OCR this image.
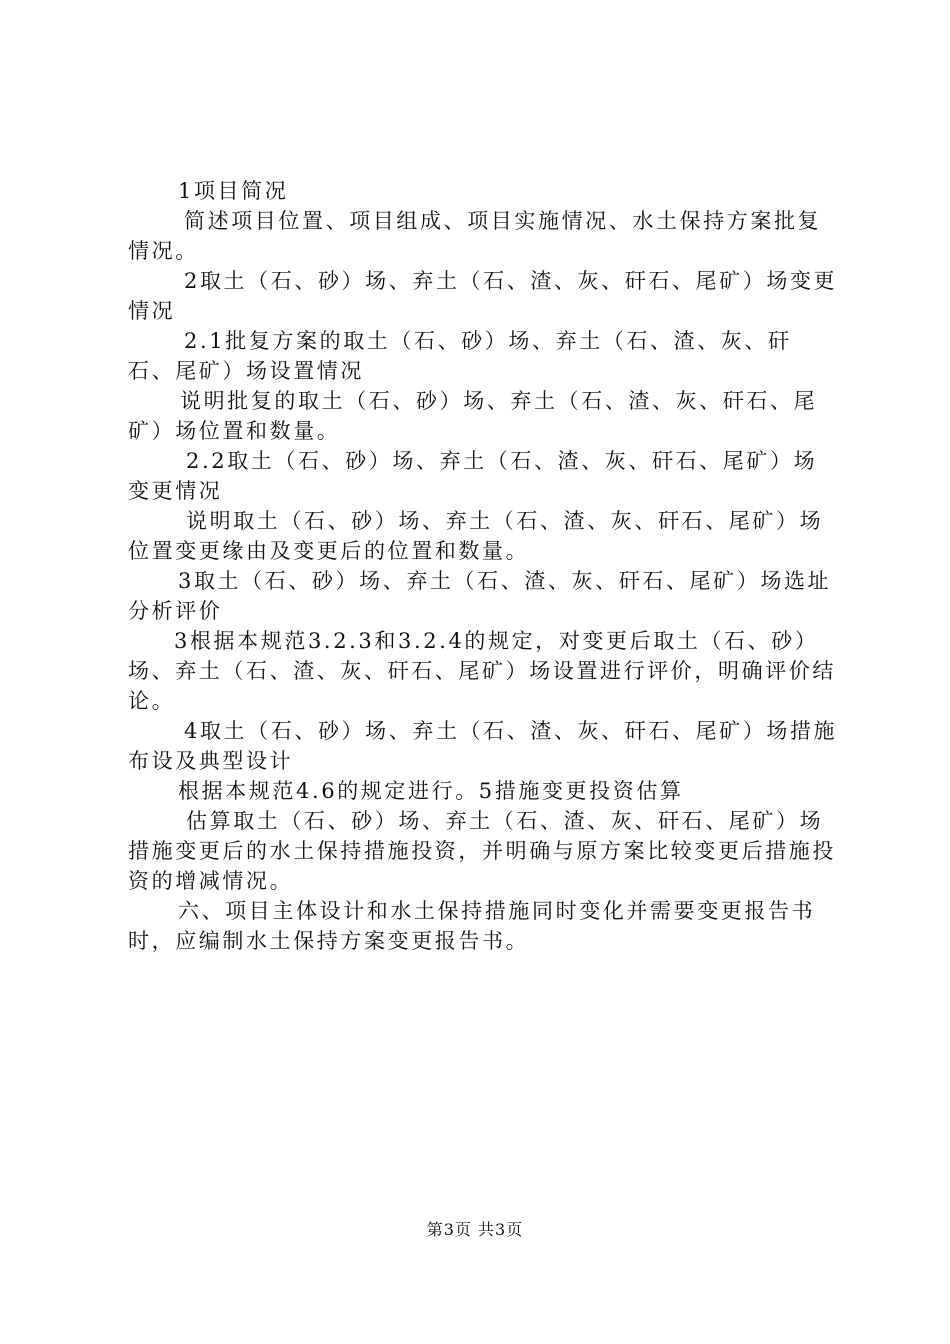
1项目简况

简述项目位置、项目组成、项目实施情况、水土保持方案批复情况。

2取土（石、砂）场、弃土（石、渣、灰、矸石、尾矿）场变更情况

2.1批复方案的取土（石、砂）场、弃土（石、渣、灰、矸石、尾矿）场设置情况

说明批复的取土（石、砂）场、弃土（石、渣、灰、矸石、尾矿）场位置和数量。

2.2取土（石、砂）场、弃土（石、渣、灰、矸石、尾矿）场变更情况

说明取土（石、砂）场、弃土（石、渣、灰、矸石、尾矿）场位置变更缘由及变更后的位置和数量。

3取土（石、砂）场、弃土（石、渣、灰、矸石、尾矿）场选址分析评价

3根据本规范3.2.3和3.2.4的规定，对变更后取土（石、砂）场、弃土（石、渣、灰、矸石、尾矿）场设置进行评价，明确评价结论。

4取土（石、砂）场、弃土（石、渣、灰、矸石、尾矿）场措施布设及典型设计

根据本规范4.6的规定进行。5措施变更投资估算

估算取土（石、砂）场、弃土（石、渣、灰、矸石、尾矿）场措施变更后的水土保持措施投资，并明确与原方案比较变更后措施投资的增减情况。

六、项目主体设计和水土保持措施同时变化并需要变更报告书时，应编制水土保持方案变更报告书。

第3页 共3页
